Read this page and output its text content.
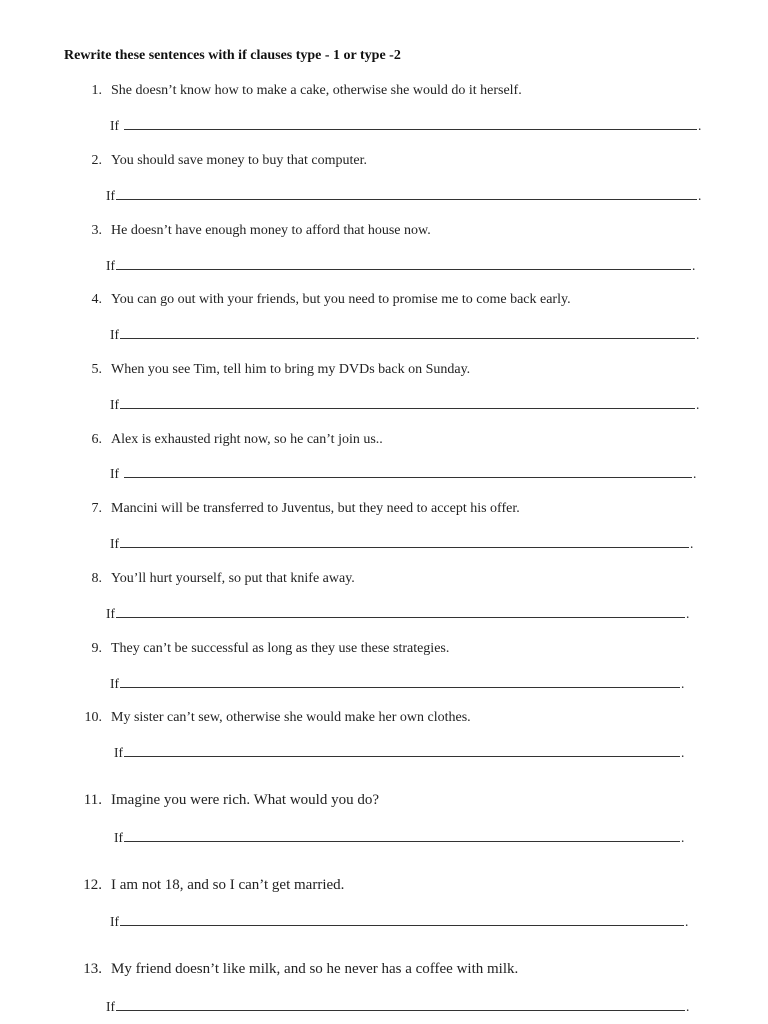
Rewrite these sentences with if clauses type - 1 or type -2
1. She doesn’t know how to make a cake, otherwise she would do it herself.
If	.
2. You should save money to buy that computer.
If	.
3. He doesn’t have enough money to afford that house now.
If	.
4. You can go out with your friends, but you need to promise me to come back early.
If	.
5. When you see Tim, tell him to bring my DVDs back on Sunday.
If	.
6. Alex is exhausted right now, so he can’t join us..
If	.
7. Mancini will be transferred to Juventus, but they need to accept his offer.
If	.
8. You’ll hurt yourself, so put that knife away.
If	.
9. They can’t be successful as long as they use these strategies.
If	.
10. My sister can’t sew, otherwise she would make her own clothes.
If	.
11. Imagine you were rich. What would you do?
If	.
12. I am not 18, and so I can’t get married.
If	.
13. My friend doesn’t like milk, and so he never has a coffee with milk.
If	.
